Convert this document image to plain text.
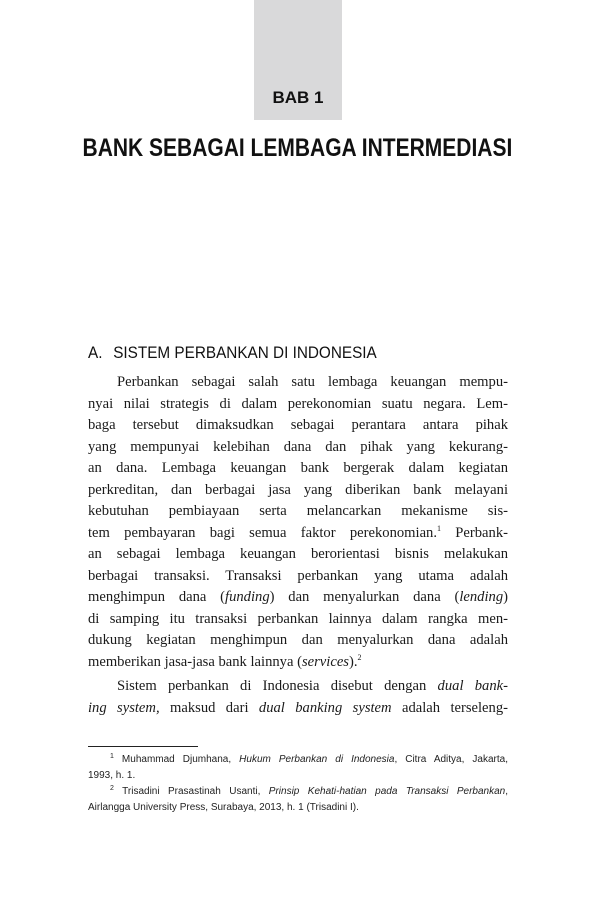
BAB 1
BANK SEBAGAI LEMBAGA INTERMEDIASI
A. SISTEM PERBANKAN DI INDONESIA
Perbankan sebagai salah satu lembaga keuangan mempu-
nyai nilai strategis di dalam perekonomian suatu negara. Lem-
baga tersebut dimaksudkan sebagai perantara antara pihak
yang mempunyai kelebihan dana dan pihak yang kekurang-
an dana. Lembaga keuangan bank bergerak dalam kegiatan
perkreditan, dan berbagai jasa yang diberikan bank melayani
kebutuhan pembiayaan serta melancarkan mekanisme sis-
tem pembayaran bagi semua faktor perekonomian.$^1$ Perbank-
an sebagai lembaga keuangan berorientasi bisnis melakukan
berbagai transaksi. Transaksi perbankan yang utama adalah
menghimpun dana (funding) dan menyalurkan dana (lending)
di samping itu transaksi perbankan lainnya dalam rangka men-
dukung kegiatan menghimpun dan menyalurkan dana adalah
memberikan jasa-jasa bank lainnya (services).$^2$
Sistem perbankan di Indonesia disebut dengan dual bank-
ing system, maksud dari dual banking system adalah terseleng-
$^1$ Muhammad Djumhana, Hukum Perbankan di Indonesia, Citra Aditya, Jakarta,
1993, h. 1.
$^2$ Trisadini Prasastinah Usanti, Prinsip Kehati-hatian pada Transaksi Perbankan,
Airlangga University Press, Surabaya, 2013, h. 1 (Trisadini I).
